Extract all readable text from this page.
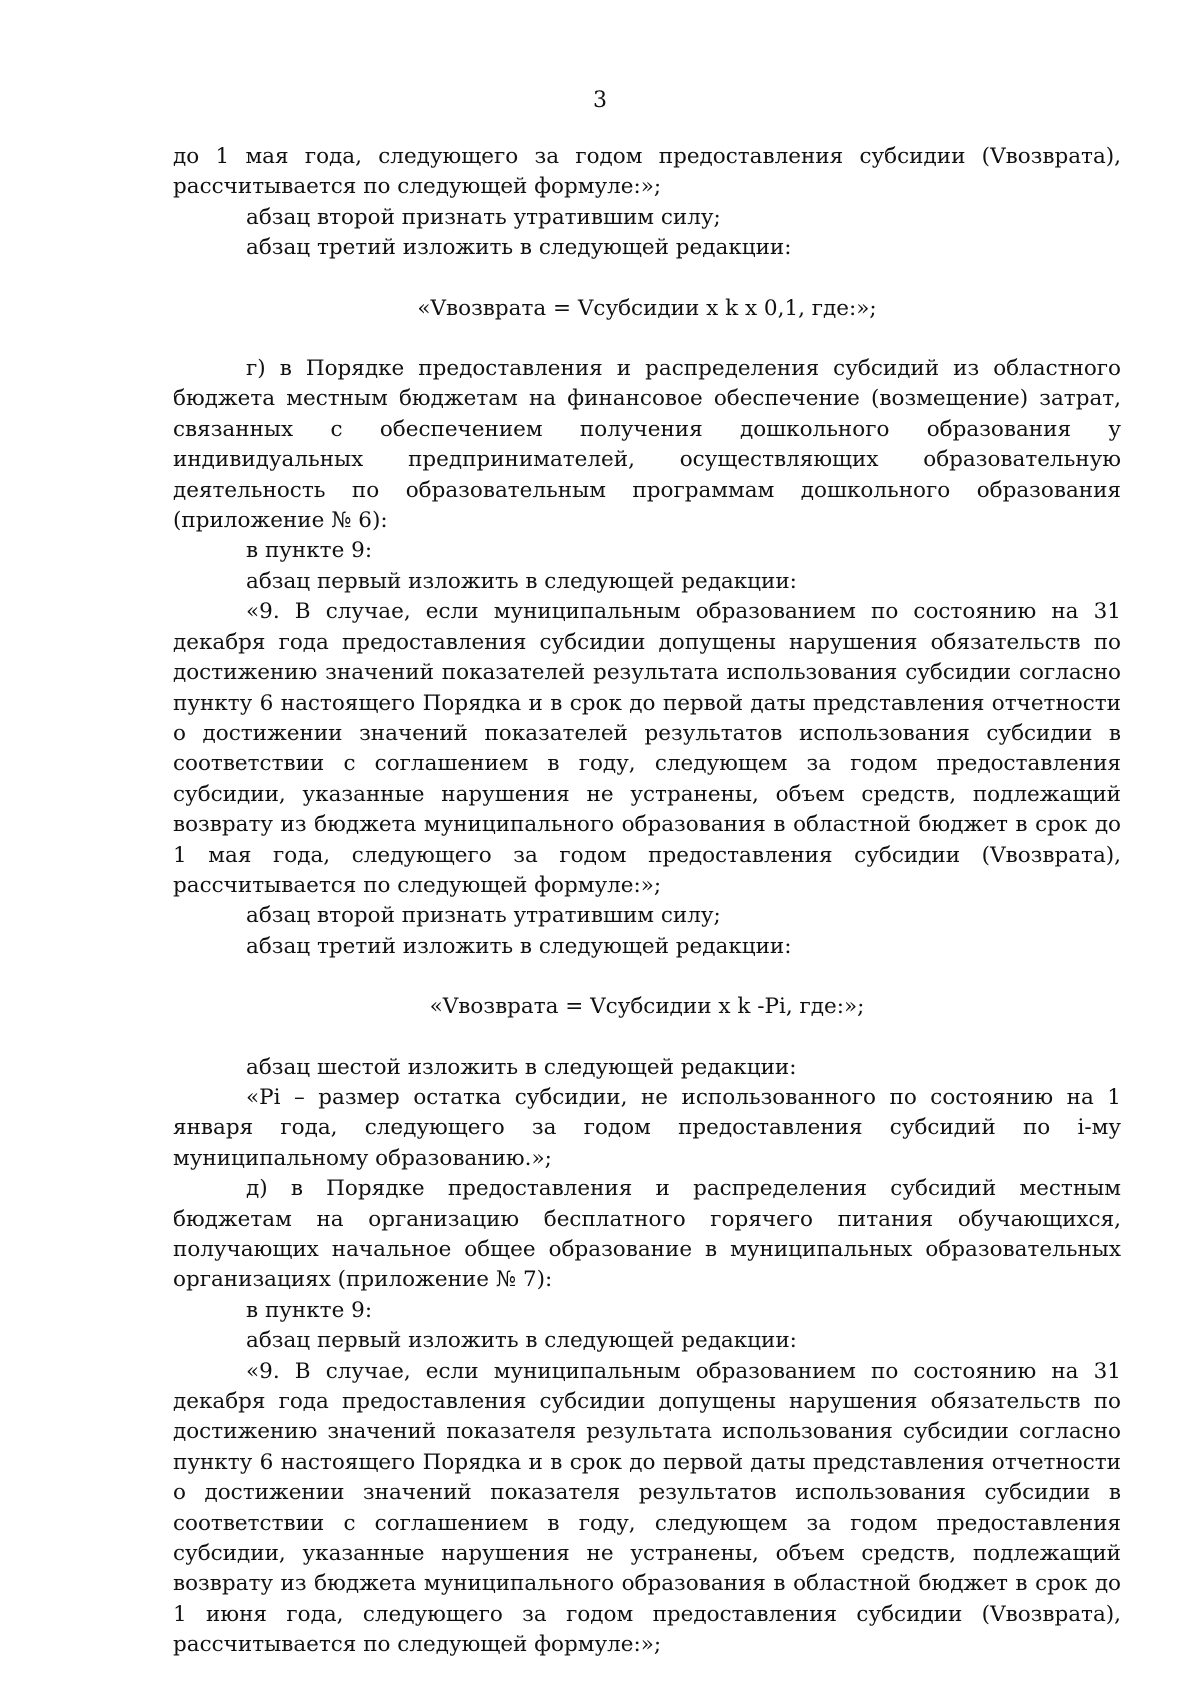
3

до 1 мая года, следующего за годом предоставления субсидии (Vвозврата), рассчитывается по следующей формуле:»;

абзац второй признать утратившим силу;

абзац третий изложить в следующей редакции:

«Vвозврата = Vсубсидии x k x 0,1, где:»;

г) в Порядке предоставления и распределения субсидий из областного бюджета местным бюджетам на финансовое обеспечение (возмещение) затрат, связанных с обеспечением получения дошкольного образования у индивидуальных предпринимателей, осуществляющих образовательную деятельность по образовательным программам дошкольного образования (приложение № 6):

в пункте 9:

абзац первый изложить в следующей редакции:

«9. В случае, если муниципальным образованием по состоянию на 31 декабря года предоставления субсидии допущены нарушения обязательств по достижению значений показателей результата использования субсидии согласно пункту 6 настоящего Порядка и в срок до первой даты представления отчетности о достижении значений показателей результатов использования субсидии в соответствии с соглашением в году, следующем за годом предоставления субсидии, указанные нарушения не устранены, объем средств, подлежащий возврату из бюджета муниципального образования в областной бюджет в срок до 1 мая года, следующего за годом предоставления субсидии (Vвозврата), рассчитывается по следующей формуле:»;

абзац второй признать утратившим силу;

абзац третий изложить в следующей редакции:

«Vвозврата = Vсубсидии x k -Pi, где:»;

абзац шестой изложить в следующей редакции:

«Pi – размер остатка субсидии, не использованного по состоянию на 1 января года, следующего за годом предоставления субсидий по i-му муниципальному образованию.»;

д) в Порядке предоставления и распределения субсидий местным бюджетам на организацию бесплатного горячего питания обучающихся, получающих начальное общее образование в муниципальных образовательных организациях (приложение № 7):

в пункте 9:

абзац первый изложить в следующей редакции:

«9. В случае, если муниципальным образованием по состоянию на 31 декабря года предоставления субсидии допущены нарушения обязательств по достижению значений показателя результата использования субсидии согласно пункту 6 настоящего Порядка и в срок до первой даты представления отчетности о достижении значений показателя результатов использования субсидии в соответствии с соглашением в году, следующем за годом предоставления субсидии, указанные нарушения не устранены, объем средств, подлежащий возврату из бюджета муниципального образования в областной бюджет в срок до 1 июня года, следующего за годом предоставления субсидии (Vвозврата), рассчитывается по следующей формуле:»;
